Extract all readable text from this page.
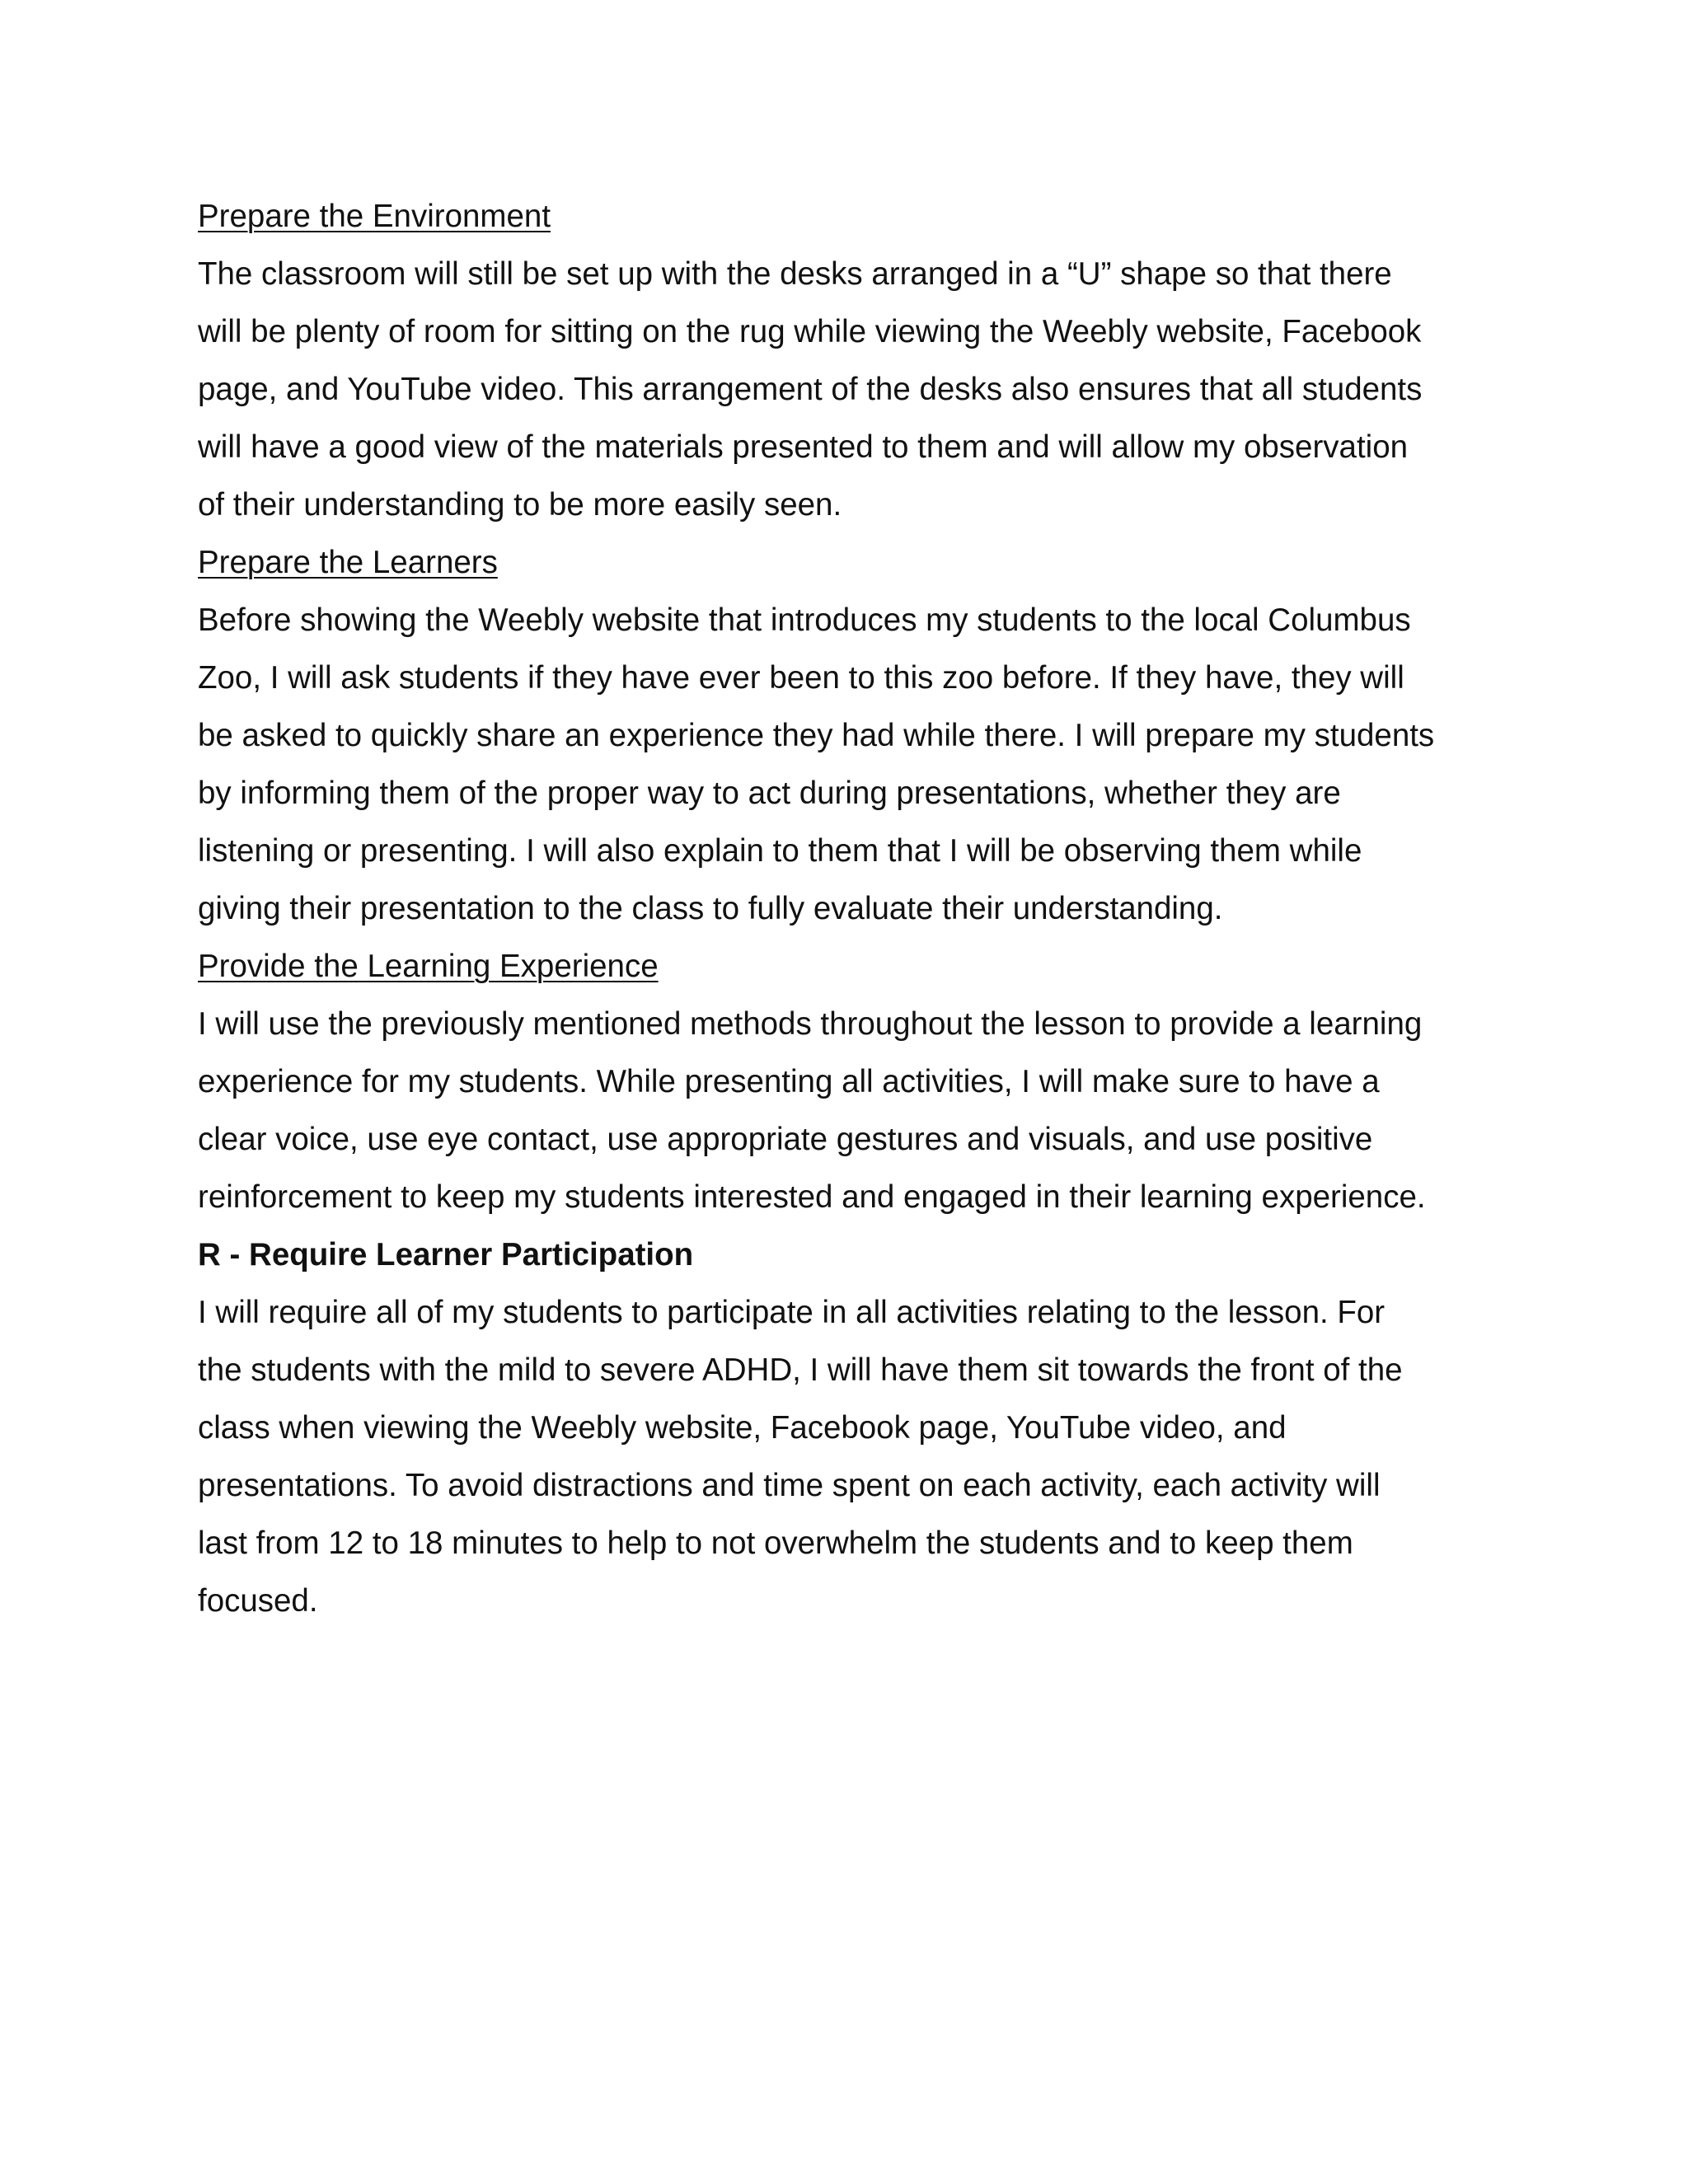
Prepare the Environment

The classroom will still be set up with the desks arranged in a “U” shape so that there
will be plenty of room for sitting on the rug while viewing the Weebly website, Facebook
page, and YouTube video. This arrangement of the desks also ensures that all students
will have a good view of the materials presented to them and will allow my observation
of their understanding to be more easily seen.

Prepare the Learners

Before showing the Weebly website that introduces my students to the local Columbus
Zoo, I will ask students if they have ever been to this zoo before. If they have, they will
be asked to quickly share an experience they had while there. I will prepare my students
by informing them of the proper way to act during presentations, whether they are
listening or presenting. I will also explain to them that I will be observing them while
giving their presentation to the class to fully evaluate their understanding.

Provide the Learning Experience

I will use the previously mentioned methods throughout the lesson to provide a learning
experience for my students. While presenting all activities, I will make sure to have a
clear voice, use eye contact, use appropriate gestures and visuals, and use positive
reinforcement to keep my students interested and engaged in their learning experience.

R - Require Learner Participation

I will require all of my students to participate in all activities relating to the lesson. For
the students with the mild to severe ADHD, I will have them sit towards the front of the
class when viewing the Weebly website, Facebook page, YouTube video, and
presentations. To avoid distractions and time spent on each activity, each activity will
last from 12 to 18 minutes to help to not overwhelm the students and to keep them
focused.
